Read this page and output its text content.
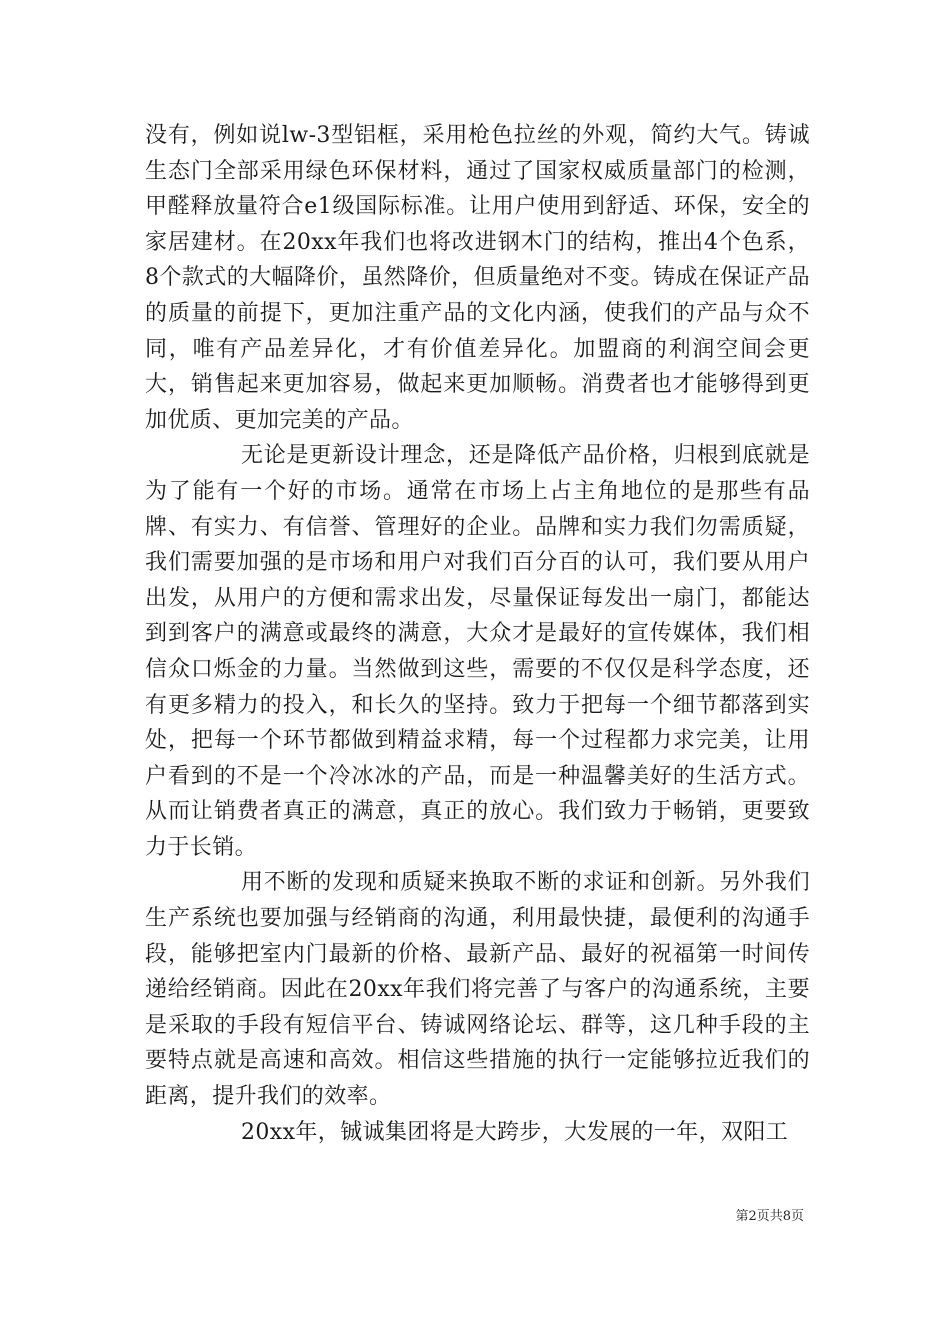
没有，例如说lw-3型铝框，采用枪色拉丝的外观，简约大气。铸诚生态门全部采用绿色环保材料，通过了国家权威质量部门的检测，甲醛释放量符合e1级国际标准。让用户使用到舒适、环保，安全的家居建材。在20xx年我们也将改进钢木门的结构，推出4个色系，8个款式的大幅降价，虽然降价，但质量绝对不变。铸成在保证产品的质量的前提下，更加注重产品的文化内涵，使我们的产品与众不同，唯有产品差异化，才有价值差异化。加盟商的利润空间会更大，销售起来更加容易，做起来更加顺畅。消费者也才能够得到更加优质、更加完美的产品。

无论是更新设计理念，还是降低产品价格，归根到底就是为了能有一个好的市场。通常在市场上占主角地位的是那些有品牌、有实力、有信誉、管理好的企业。品牌和实力我们勿需质疑，我们需要加强的是市场和用户对我们百分百的认可，我们要从用户出发，从用户的方便和需求出发，尽量保证每发出一扇门，都能达到到客户的满意或最终的满意，大众才是最好的宣传媒体，我们相信众口烁金的力量。当然做到这些，需要的不仅仅是科学态度，还有更多精力的投入，和长久的坚持。致力于把每一个细节都落到实处，把每一个环节都做到精益求精，每一个过程都力求完美，让用户看到的不是一个冷冰冰的产品，而是一种温馨美好的生活方式。从而让销费者真正的满意，真正的放心。我们致力于畅销，更要致力于长销。

用不断的发现和质疑来换取不断的求证和创新。另外我们生产系统也要加强与经销商的沟通，利用最快捷，最便利的沟通手段，能够把室内门最新的价格、最新产品、最好的祝福第一时间传递给经销商。因此在20xx年我们将完善了与客户的沟通系统，主要是采取的手段有短信平台、铸诚网络论坛、群等，这几种手段的主要特点就是高速和高效。相信这些措施的执行一定能够拉近我们的距离，提升我们的效率。

20xx年，铖诚集团将是大跨步，大发展的一年，双阳工

第2页共8页
